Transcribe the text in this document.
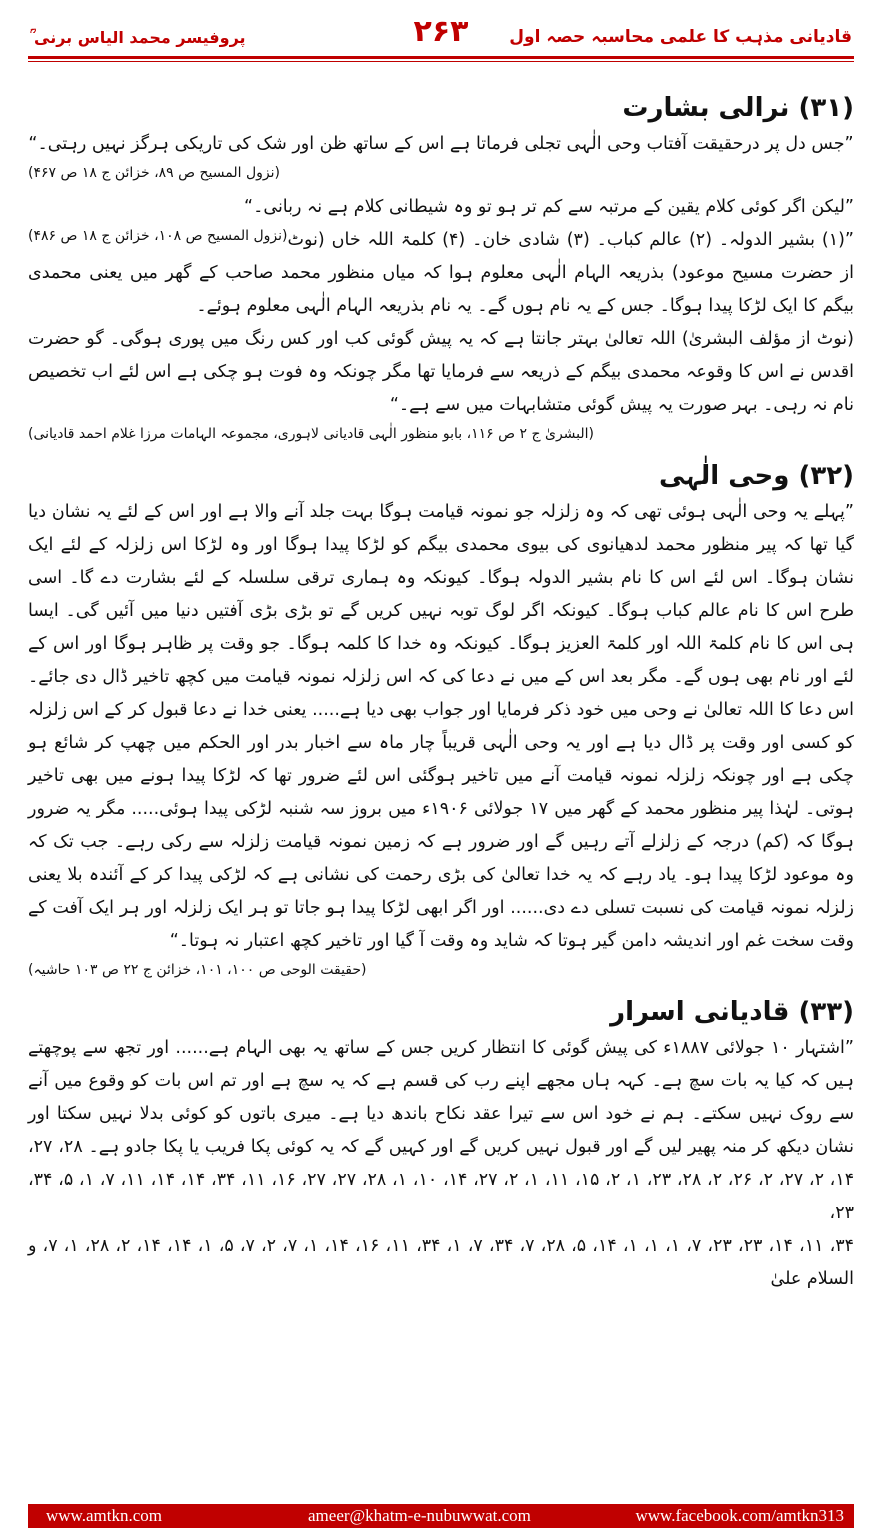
قادیانی مذہب کا علمی محاسبہ حصہ اول
۲۶۳
پروفیسر محمد الیاس برنی ؒ
(۳۱) نرالی بشارت

”جس دل پر درحقیقت آفتاب وحی الٰہی تجلی فرماتا ہے اس کے ساتھ ظن اور شک کی تاریکی ہرگز نہیں رہتی۔“

(نزول المسیح ص ۸۹، خزائن ج ۱۸ ص ۴۶۷)

”لیکن اگر کوئی کلام یقین کے مرتبہ سے کم تر ہو تو وہ شیطانی کلام ہے نہ ربانی۔“
(نزول المسیح ص ۱۰۸، خزائن ج ۱۸ ص ۴۸۶) ”(۱) بشیر الدولہ۔ (۲) عالم کباب۔ (۳) شادی خان۔ (۴) کلمۃ اللہ خاں (نوٹ از حضرت مسیح موعود) بذریعہ الہام الٰہی معلوم ہوا کہ میاں منظور محمد صاحب کے گھر میں یعنی محمدی بیگم کا ایک لڑکا پیدا ہوگا۔ جس کے یہ نام ہوں گے۔ یہ نام بذریعہ الہام الٰہی معلوم ہوئے۔

(نوٹ از مؤلف البشریٰ) اللہ تعالیٰ بہتر جانتا ہے کہ یہ پیش گوئی کب اور کس رنگ میں پوری ہوگی۔ گو حضرت اقدس نے اس کا وقوعہ محمدی بیگم کے ذریعہ سے فرمایا تھا مگر چونکہ وہ فوت ہو چکی ہے اس لئے اب تخصیص نام نہ رہی۔ بہر صورت یہ پیش گوئی متشابہات میں سے ہے۔“

(البشریٰ ج ۲ ص ۱۱۶، بابو منظور الٰہی قادیانی لاہوری، مجموعہ الہامات مرزا غلام احمد قادیانی)
(۳۲) وحی الٰہی

”پہلے یہ وحی الٰہی ہوئی تھی کہ وہ زلزلہ جو نمونہ قیامت ہوگا بہت جلد آنے والا ہے اور اس کے لئے یہ نشان دیا گیا تھا کہ پیر منظور محمد لدھیانوی کی بیوی محمدی بیگم کو لڑکا پیدا ہوگا اور وہ لڑکا اس زلزلہ کے لئے ایک نشان ہوگا۔ اس لئے اس کا نام بشیر الدولہ ہوگا۔ کیونکہ وہ ہماری ترقی سلسلہ کے لئے بشارت دے گا۔ اسی طرح اس کا نام عالم کباب ہوگا۔ کیونکہ اگر لوگ توبہ نہیں کریں گے تو بڑی بڑی آفتیں دنیا میں آئیں گی۔ ایسا ہی اس کا نام کلمۃ اللہ اور کلمۃ العزیز ہوگا۔ کیونکہ وہ خدا کا کلمہ ہوگا۔ جو وقت پر ظاہر ہوگا اور اس کے لئے اور نام بھی ہوں گے۔ مگر بعد اس کے میں نے دعا کی کہ اس زلزلہ نمونہ قیامت میں کچھ تاخیر ڈال دی جائے۔ اس دعا کا اللہ تعالیٰ نے وحی میں خود ذکر فرمایا اور جواب بھی دیا ہے..... یعنی خدا نے دعا قبول کر کے اس زلزلہ کو کسی اور وقت پر ڈال دیا ہے اور یہ وحی الٰہی قریباً چار ماہ سے اخبار بدر اور الحکم میں چھپ کر شائع ہو چکی ہے اور چونکہ زلزلہ نمونہ قیامت آنے میں تاخیر ہوگئی اس لئے ضرور تھا کہ لڑکا پیدا ہونے میں بھی تاخیر ہوتی۔ لہٰذا پیر منظور محمد کے گھر میں ۱۷ جولائی ۱۹۰۶ء میں بروز سہ شنبہ لڑکی پیدا ہوئی..... مگر یہ ضرور ہوگا کہ (کم) درجہ کے زلزلے آتے رہیں گے اور ضرور ہے کہ زمین نمونہ قیامت زلزلہ سے رکی رہے۔ جب تک کہ وہ موعود لڑکا پیدا ہو۔ یاد رہے کہ یہ خدا تعالیٰ کی بڑی رحمت کی نشانی ہے کہ لڑکی پیدا کر کے آئندہ بلا یعنی زلزلہ نمونہ قیامت کی نسبت تسلی دے دی...... اور اگر ابھی لڑکا پیدا ہو جاتا تو ہر ایک زلزلہ اور ہر ایک آفت کے وقت سخت غم اور اندیشہ دامن گیر ہوتا کہ شاید وہ وقت آ گیا اور تاخیر کچھ اعتبار نہ ہوتا۔“

(حقیقت الوحی ص ۱۰۰، ۱۰۱، خزائن ج ۲۲ ص ۱۰۳ حاشیہ)
(۳۳) قادیانی اسرار

”اشتہار ۱۰ جولائی ۱۸۸۷ء کی پیش گوئی کا انتظار کریں جس کے ساتھ یہ بھی الہام ہے...... اور تجھ سے پوچھتے ہیں کہ کیا یہ بات سچ ہے۔ کہہ ہاں مجھے اپنے رب کی قسم ہے کہ یہ سچ ہے اور تم اس بات کو وقوع میں آنے سے روک نہیں سکتے۔ ہم نے خود اس سے تیرا عقد نکاح باندھ دیا ہے۔ میری باتوں کو کوئی بدلا نہیں سکتا اور نشان دیکھ کر منہ پھیر لیں گے اور قبول نہیں کریں گے اور کہیں گے کہ یہ کوئی پکا فریب یا پکا جادو ہے۔ ۲۸، ۲۷، ۱۴، ۲، ۲۷، ۲، ۲۶، ۲، ۲۸، ۲۳، ۱، ۲، ۱۵، ۱۱، ۱، ۲، ۲۷، ۱۴، ۱۰، ۱، ۲۸، ۲۷، ۲۷، ۱۶، ۱۱، ۳۴، ۱۴، ۱۴، ۱۱، ۷، ۱، ۵، ۳۴، ۲۳،

۳۴، ۱۱، ۱۴، ۲۳، ۲۳، ۷، ۱، ۱، ۱، ۱۴، ۵، ۲۸، ۷، ۳۴، ۷، ۱، ۳۴، ۱۱، ۱۶، ۱۴، ۱، ۷، ۲، ۷، ۵، ۱، ۱۴، ۱۴، ۲، ۲۸، ۱، ۷، و السلام علیٰ

www.amtkn.com	ameer@khatm-e-nubuwwat.com	www.facebook.com/amtkn313
